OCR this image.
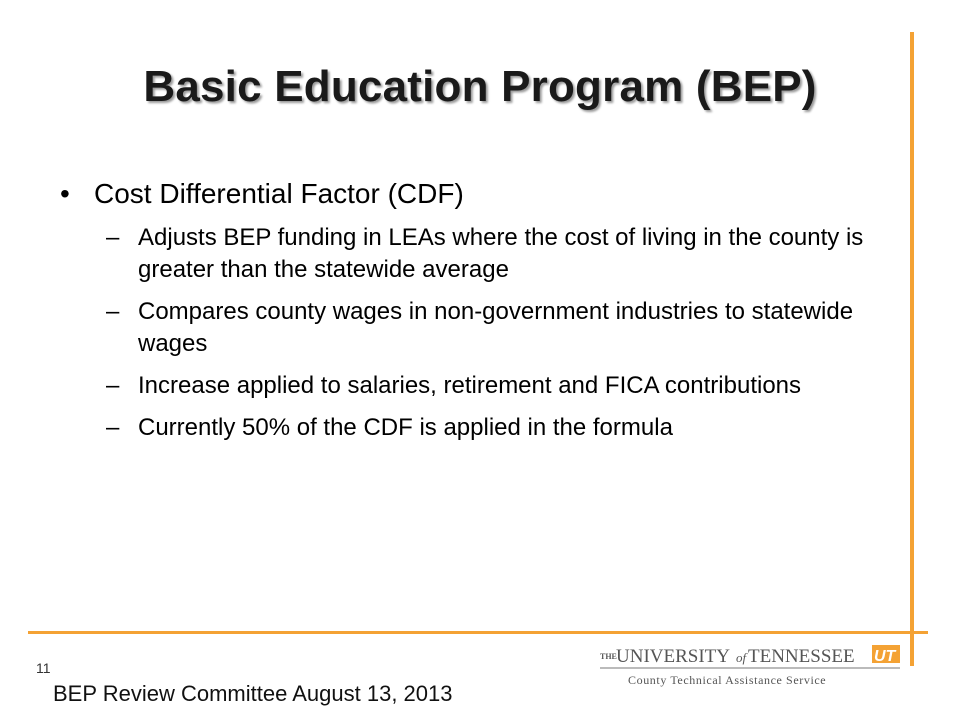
Basic Education Program (BEP)
• Cost Differential Factor (CDF)
– Adjusts BEP funding in LEAs where the cost of living in the county is greater than the statewide average
– Compares county wages in non-government industries to statewide wages
– Increase applied to salaries, retirement and FICA contributions
– Currently 50% of the CDF is applied in the formula
11
BEP Review Committee August 13, 2013
THE UNIVERSITY of TENNESSEE UT
County Technical Assistance Service
